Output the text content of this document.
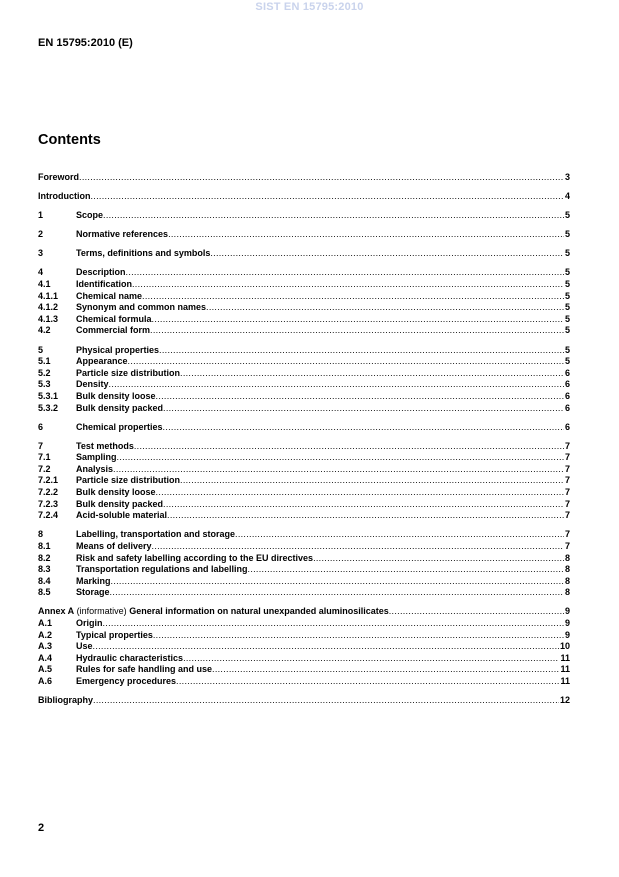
SIST EN 15795:2010
EN 15795:2010 (E)
Contents
Foreword .....	3
Introduction .....	4
1	Scope .....	5
2	Normative references .....	5
3	Terms, definitions and symbols .....	5
4	Description .....	5
4.1	Identification .....	5
4.1.1	Chemical name .....	5
4.1.2	Synonym and common names .....	5
4.1.3	Chemical formula .....	5
4.2	Commercial form .....	5
5	Physical properties .....	5
5.1	Appearance .....	5
5.2	Particle size distribution .....	6
5.3	Density .....	6
5.3.1	Bulk density loose .....	6
5.3.2	Bulk density packed .....	6
6	Chemical properties .....	6
7	Test methods .....	7
7.1	Sampling .....	7
7.2	Analysis .....	7
7.2.1	Particle size distribution .....	7
7.2.2	Bulk density loose .....	7
7.2.3	Bulk density packed .....	7
7.2.4	Acid-soluble material .....	7
8	Labelling, transportation and storage .....	7
8.1	Means of delivery .....	7
8.2	Risk and safety labelling according to the EU directives .....	8
8.3	Transportation regulations and labelling .....	8
8.4	Marking .....	8
8.5	Storage .....	8
Annex A (informative) General information on natural unexpanded aluminosilicates .....	9
A.1	Origin .....	9
A.2	Typical properties .....	9
A.3	Use .....	10
A.4	Hydraulic characteristics .....	11
A.5	Rules for safe handling and use .....	11
A.6	Emergency procedures .....	11
Bibliography .....	12
2
